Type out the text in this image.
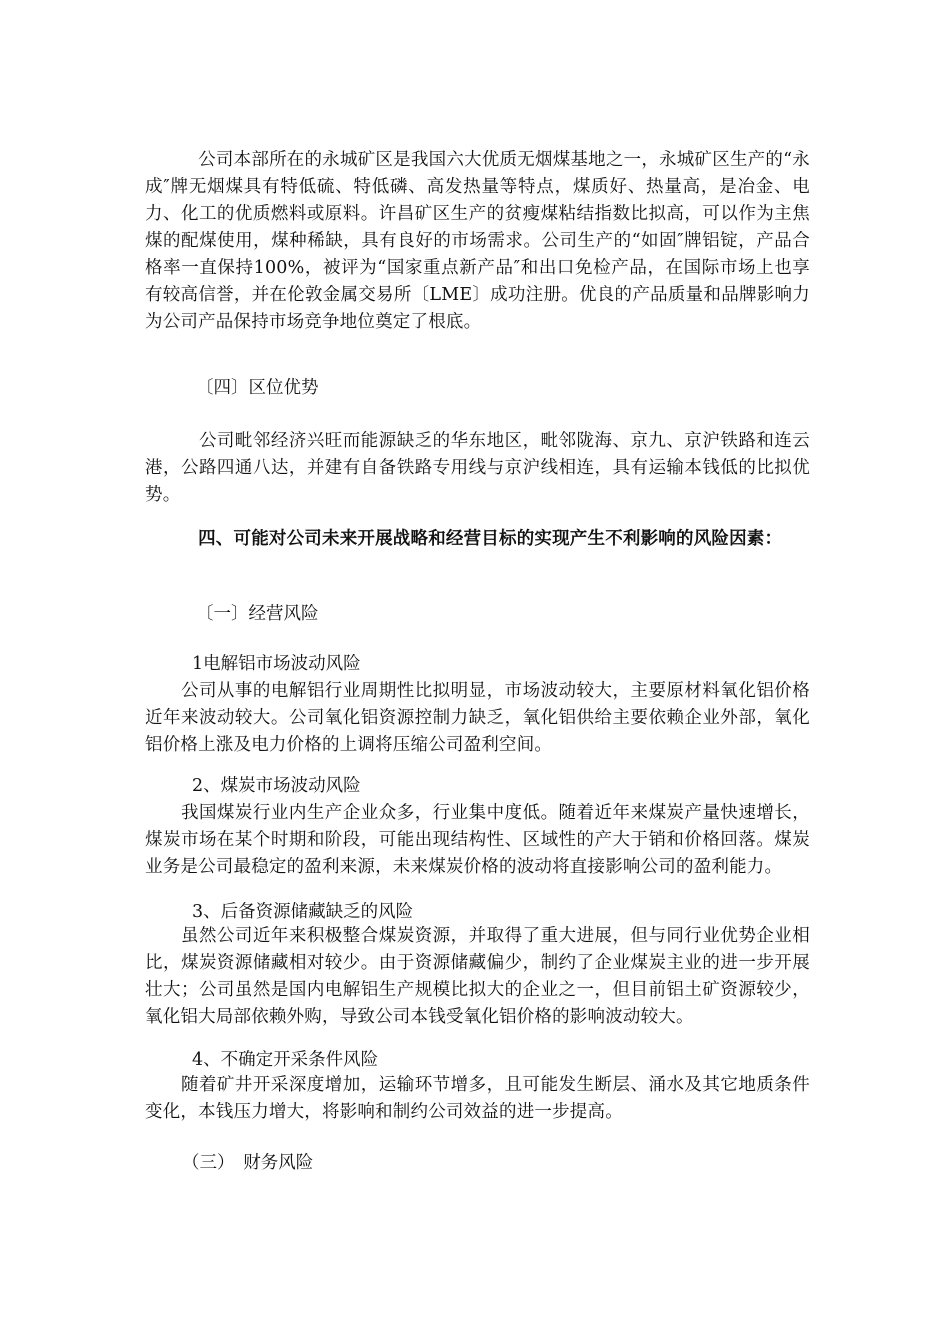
　　　公司本部所在的永城矿区是我国六大优质无烟煤基地之一，永城矿区生产的“永成″牌无烟煤具有特低硫、特低磷、高发热量等特点，煤质好、热量高，是冶金、电力、化工的优质燃料或原料。许昌矿区生产的贫瘦煤粘结指数比拟高，可以作为主焦煤的配煤使用，煤种稀缺，具有良好的市场需求。公司生产的“如固″牌铝锭，产品合格率一直保持100%，被评为“国家重点新产品″和出口免检产品，在国际市场上也享有较高信誉，并在伦敦金属交易所〔LME〕成功注册。优良的产品质量和品牌影响力为公司产品保持市场竞争地位奠定了根底。
〔四〕区位优势
　　　公司毗邻经济兴旺而能源缺乏的华东地区，毗邻陇海、京九、京沪铁路和连云港，公路四通八达，并建有自备铁路专用线与京沪线相连，具有运输本钱低的比拟优势。
　　　四、可能对公司未来开展战略和经营目标的实现产生不利影响的风险因素：
〔一〕经营风险
1电解铝市场波动风险
　　公司从事的电解铝行业周期性比拟明显，市场波动较大，主要原材料氧化铝价格近年来波动较大。公司氧化铝资源控制力缺乏，氧化铝供给主要依赖企业外部，氧化铝价格上涨及电力价格的上调将压缩公司盈利空间。
2、煤炭市场波动风险
　　我国煤炭行业内生产企业众多，行业集中度低。随着近年来煤炭产量快速增长，煤炭市场在某个时期和阶段，可能出现结构性、区域性的产大于销和价格回落。煤炭业务是公司最稳定的盈利来源，未来煤炭价格的波动将直接影响公司的盈利能力。
3、后备资源储藏缺乏的风险
　　虽然公司近年来积极整合煤炭资源，并取得了重大进展，但与同行业优势企业相比，煤炭资源储藏相对较少。由于资源储藏偏少，制约了企业煤炭主业的进一步开展壮大；公司虽然是国内电解铝生产规模比拟大的企业之一，但目前铝土矿资源较少，氧化铝大局部依赖外购，导致公司本钱受氧化铝价格的影响波动较大。
4、不确定开采条件风险
　　随着矿井开采深度增加，运输环节增多，且可能发生断层、涌水及其它地质条件变化，本钱压力增大，将影响和制约公司效益的进一步提高。
（三）　财务风险
